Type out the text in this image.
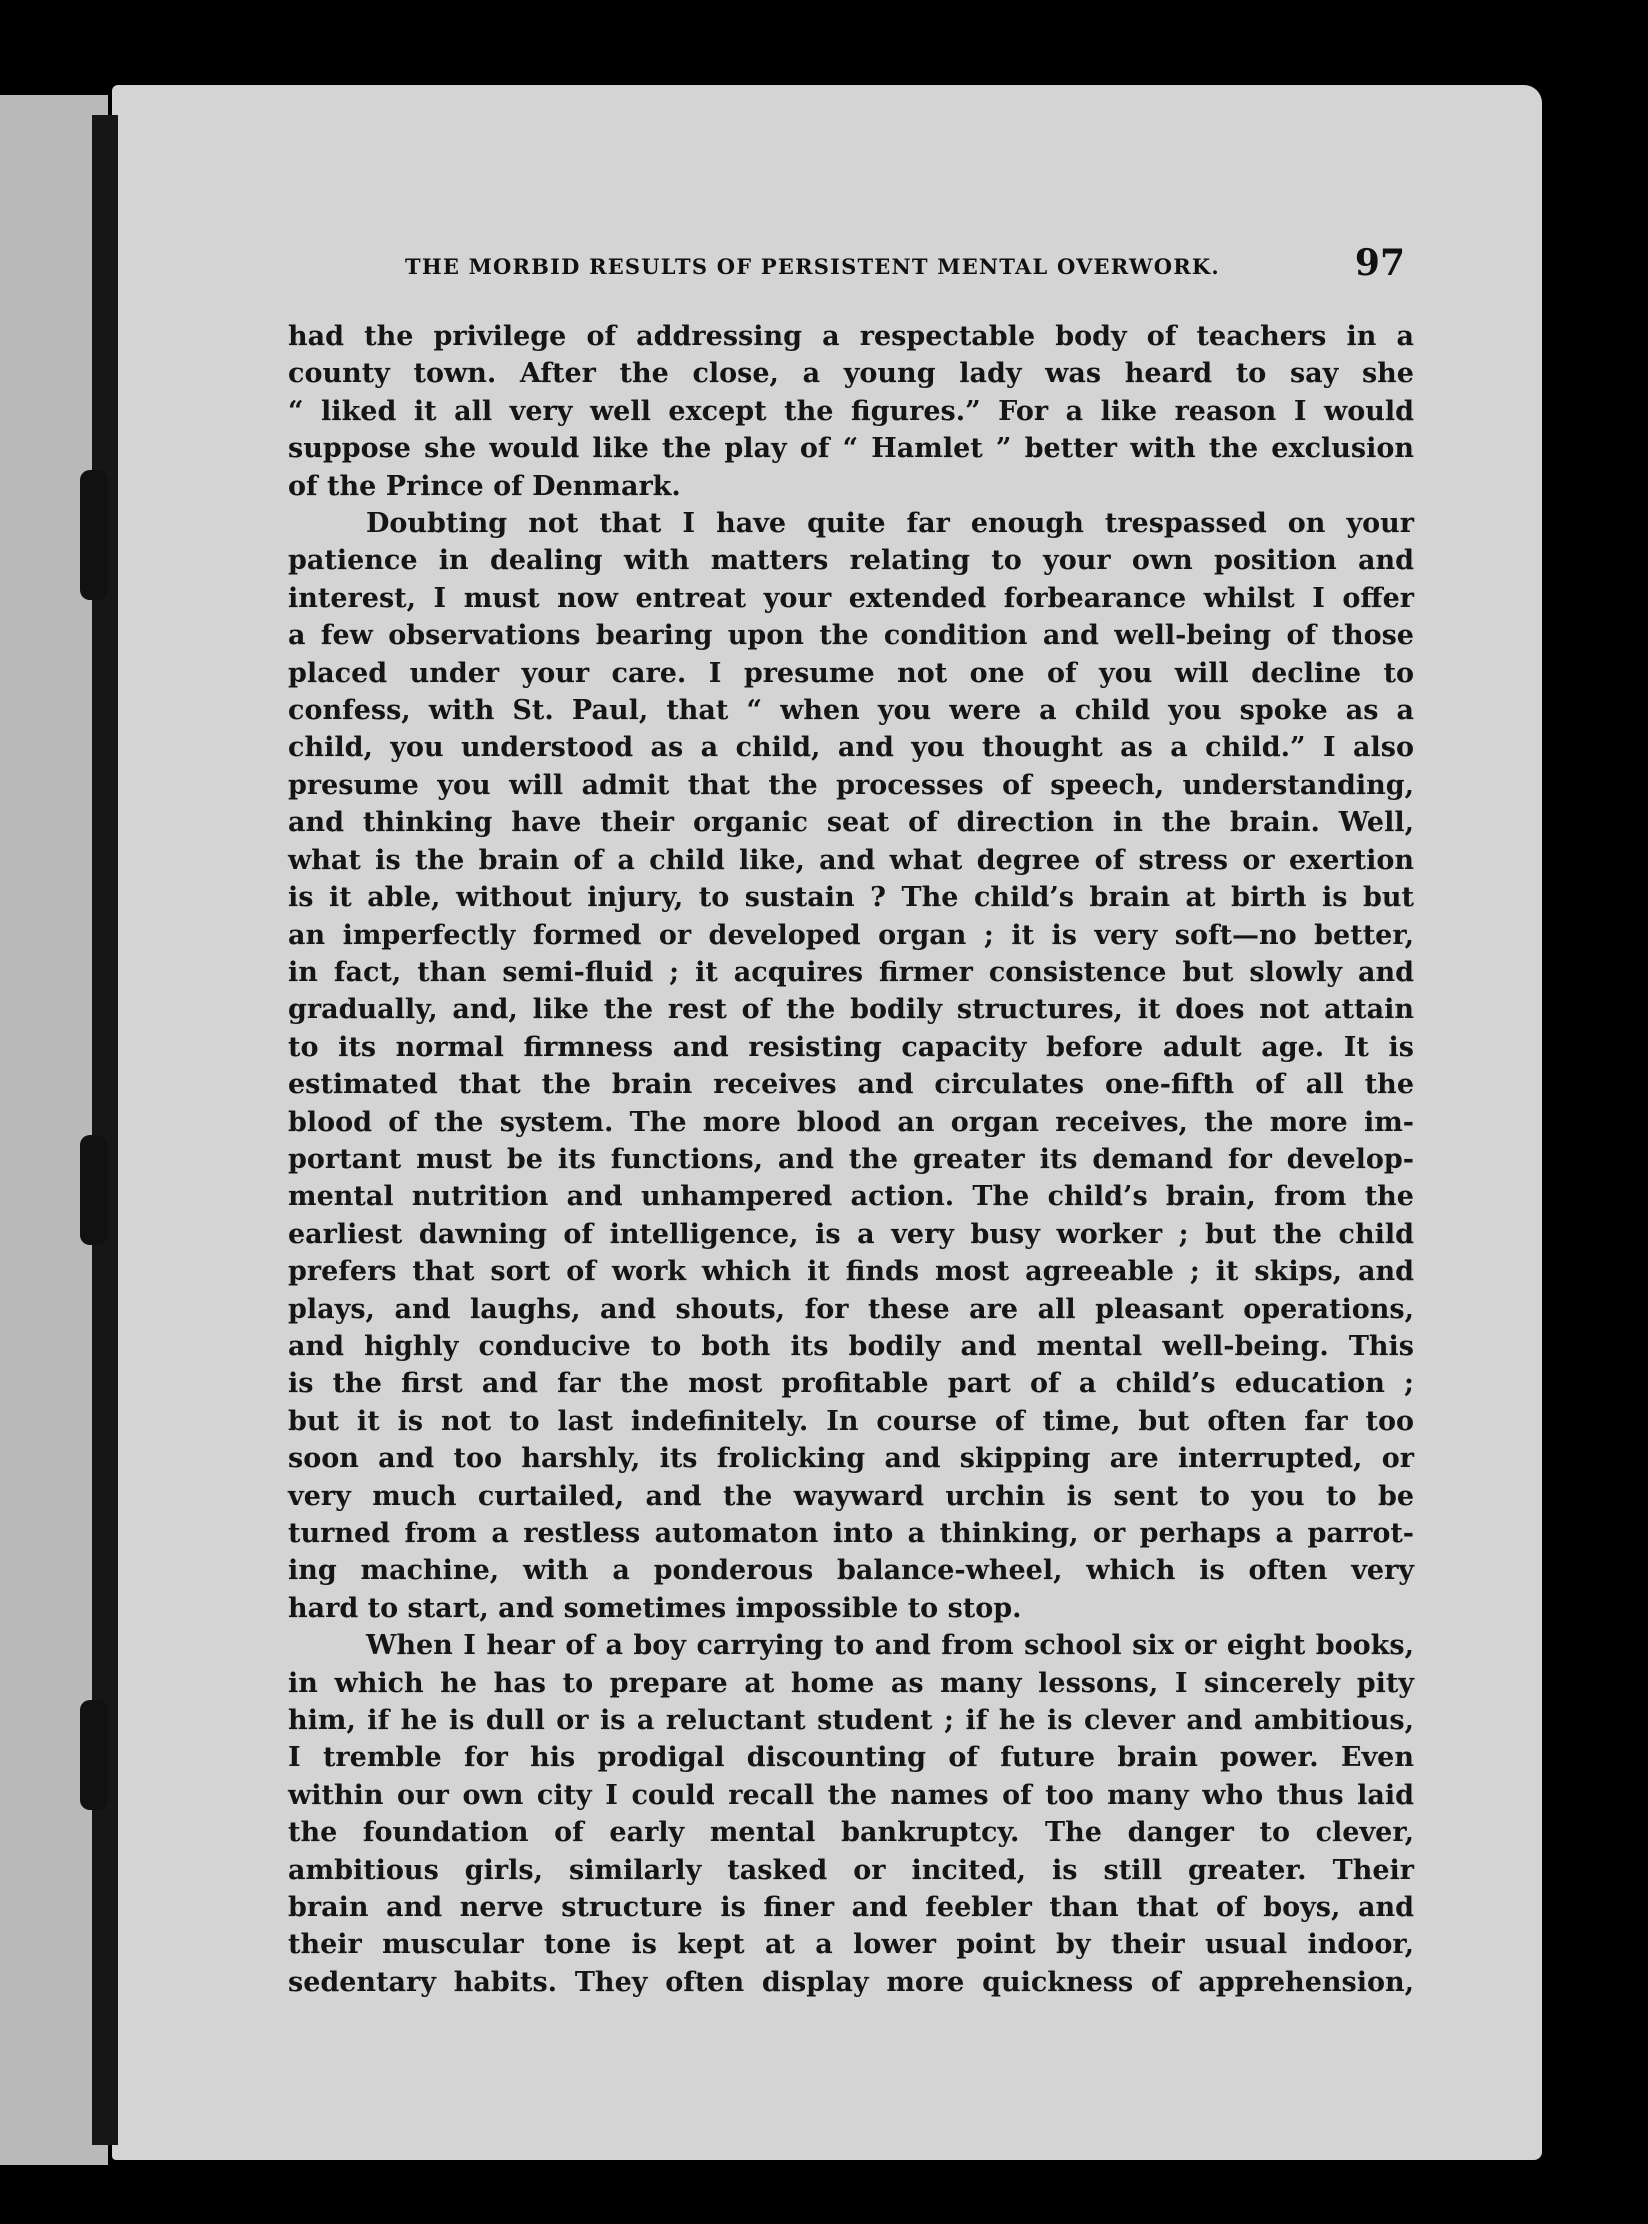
THE MORBID RESULTS OF PERSISTENT MENTAL OVERWORK.	97
had the privilege of addressing a respectable body of teachers in a
county town. After the close, a young lady was heard to say she
“ liked it all very well except the figures.” For a like reason I would
suppose she would like the play of “ Hamlet ” better with the exclusion
of the Prince of Denmark.
Doubting not that I have quite far enough trespassed on your
patience in dealing with matters relating to your own position and
interest, I must now entreat your extended forbearance whilst I offer
a few observations bearing upon the condition and well-being of those
placed under your care. I presume not one of you will decline to
confess, with St. Paul, that “ when you were a child you spoke as a
child, you understood as a child, and you thought as a child.” I also
presume you will admit that the processes of speech, understanding,
and thinking have their organic seat of direction in the brain. Well,
what is the brain of a child like, and what degree of stress or exertion
is it able, without injury, to sustain ? The child’s brain at birth is but
an imperfectly formed or developed organ ; it is very soft—no better,
in fact, than semi-fluid ; it acquires firmer consistence but slowly and
gradually, and, like the rest of the bodily structures, it does not attain
to its normal firmness and resisting capacity before adult age. It is
estimated that the brain receives and circulates one-fifth of all the
blood of the system. The more blood an organ receives, the more im-
portant must be its functions, and the greater its demand for develop-
mental nutrition and unhampered action. The child’s brain, from the
earliest dawning of intelligence, is a very busy worker ; but the child
prefers that sort of work which it finds most agreeable ; it skips, and
plays, and laughs, and shouts, for these are all pleasant operations,
and highly conducive to both its bodily and mental well-being. This
is the first and far the most profitable part of a child’s education ;
but it is not to last indefinitely. In course of time, but often far too
soon and too harshly, its frolicking and skipping are interrupted, or
very much curtailed, and the wayward urchin is sent to you to be
turned from a restless automaton into a thinking, or perhaps a parrot-
ing machine, with a ponderous balance-wheel, which is often very
hard to start, and sometimes impossible to stop.
When I hear of a boy carrying to and from school six or eight books,
in which he has to prepare at home as many lessons, I sincerely pity
him, if he is dull or is a reluctant student ; if he is clever and ambitious,
I tremble for his prodigal discounting of future brain power. Even
within our own city I could recall the names of too many who thus laid
the foundation of early mental bankruptcy. The danger to clever,
ambitious girls, similarly tasked or incited, is still greater. Their
brain and nerve structure is finer and feebler than that of boys, and
their muscular tone is kept at a lower point by their usual indoor,
sedentary habits. They often display more quickness of apprehension,
